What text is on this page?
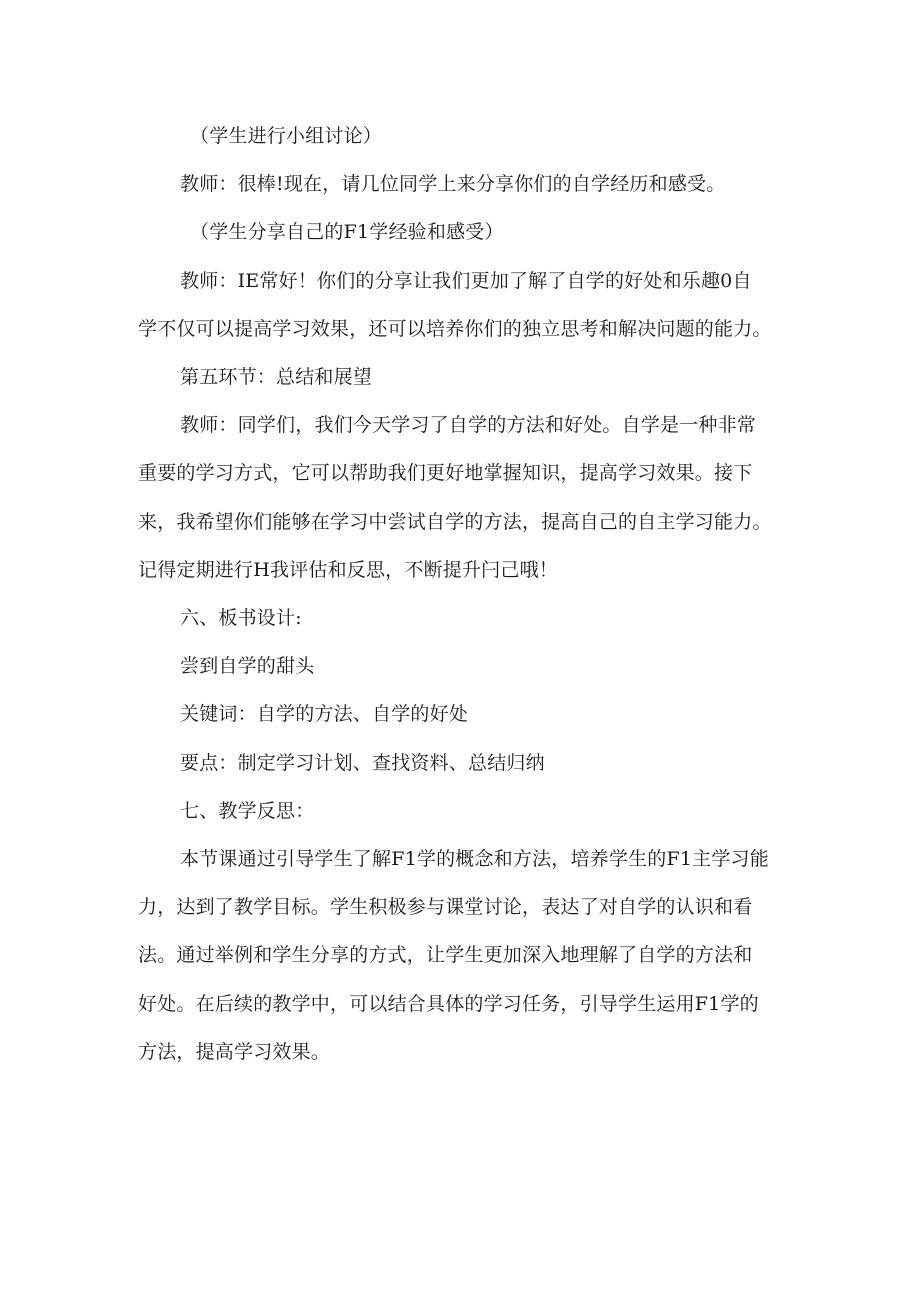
（学生进行小组讨论）
教师：很棒!现在，请几位同学上来分享你们的自学经历和感受。
（学生分享自己的F1学经验和感受）
教师：IE常好！你们的分享让我们更加了解了自学的好处和乐趣0自
学不仅可以提高学习效果，还可以培养你们的独立思考和解决问题的能力。
第五环节：总结和展望
教师：同学们，我们今天学习了自学的方法和好处。自学是一种非常
重要的学习方式，它可以帮助我们更好地掌握知识，提高学习效果。接下
来，我希望你们能够在学习中尝试自学的方法，提高自己的自主学习能力。
记得定期进行H我评估和反思，不断提升闩己哦！
六、板书设计:
尝到自学的甜头
关键词：自学的方法、自学的好处
要点：制定学习计划、查找资料、总结归纳
七、教学反思：
本节课通过引导学生了解F1学的概念和方法，培养学生的F1主学习能
力，达到了教学目标。学生积极参与课堂讨论，表达了对自学的认识和看
法。通过举例和学生分享的方式，让学生更加深入地理解了自学的方法和
好处。在后续的教学中，可以结合具体的学习任务，引导学生运用F1学的
方法，提高学习效果。
